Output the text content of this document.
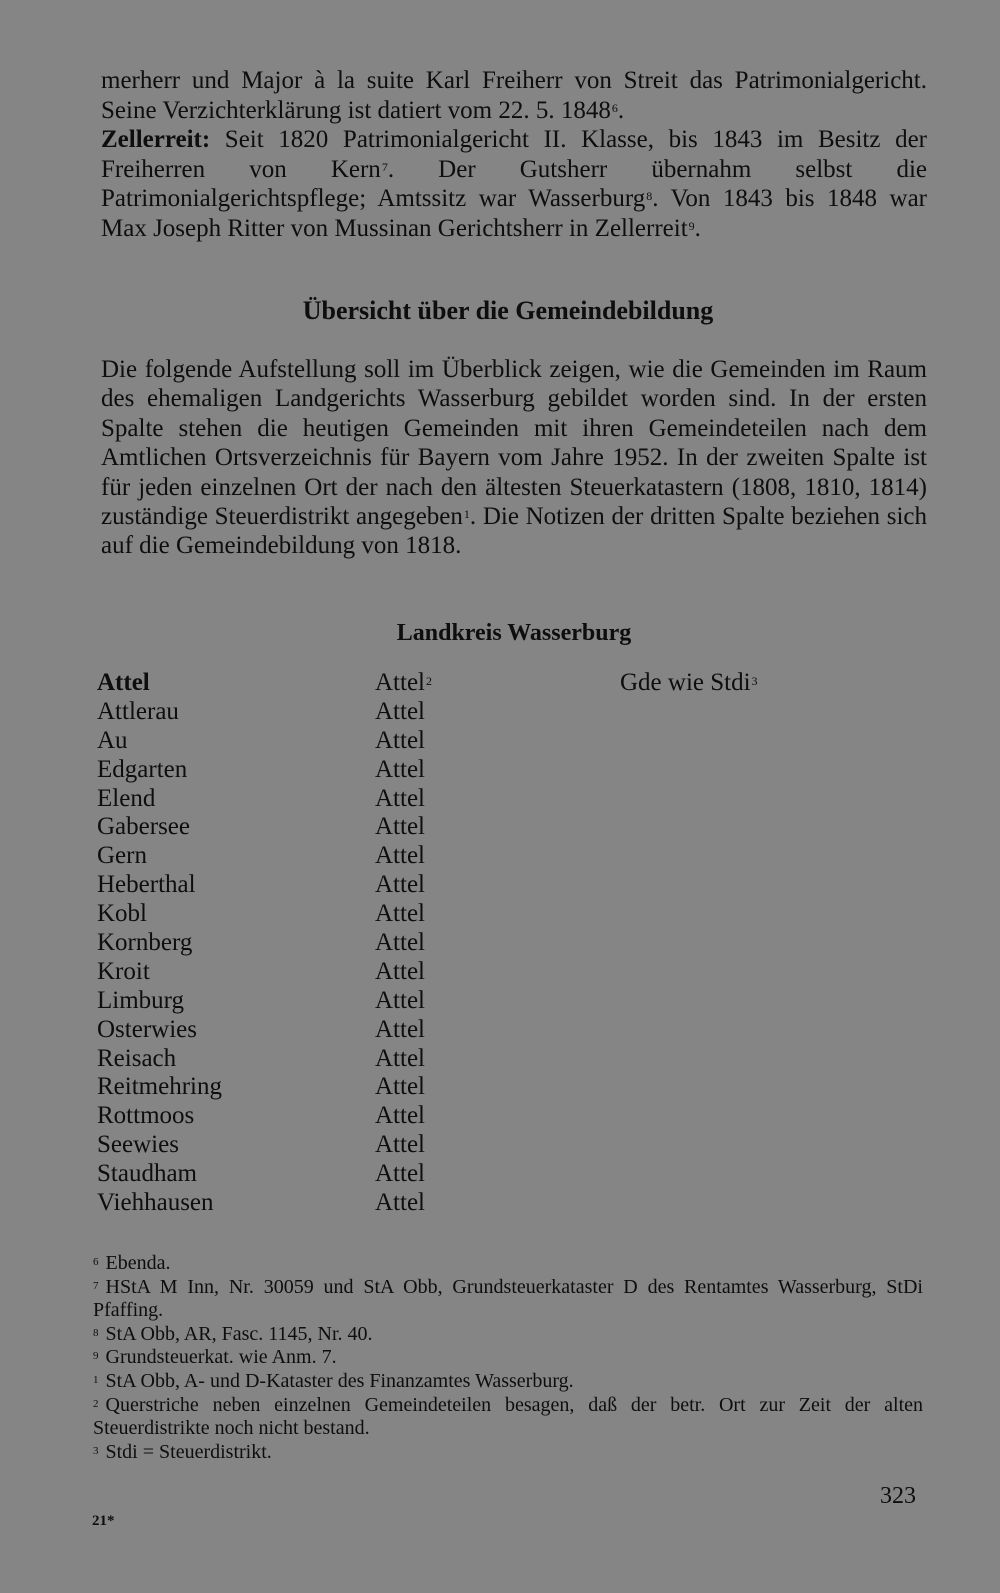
merherr und Major à la suite Karl Freiherr von Streit das Patrimonialgericht. Seine Verzichterklärung ist datiert vom 22. 5. 1848$^6$.

Zellerreit: Seit 1820 Patrimonialgericht II. Klasse, bis 1843 im Besitz der Freiherren von Kern$^7$. Der Gutsherr übernahm selbst die Patrimonialgerichtspflege; Amtssitz war Wasserburg$^8$. Von 1843 bis 1848 war Max Joseph Ritter von Mussinan Gerichtsherr in Zellerreit$^9$.

Übersicht über die Gemeindebildung

Die folgende Aufstellung soll im Überblick zeigen, wie die Gemeinden im Raum des ehemaligen Landgerichts Wasserburg gebildet worden sind. In der ersten Spalte stehen die heutigen Gemeinden mit ihren Gemeindeteilen nach dem Amtlichen Ortsverzeichnis für Bayern vom Jahre 1952. In der zweiten Spalte ist für jeden einzelnen Ort der nach den ältesten Steuerkatastern (1808, 1810, 1814) zuständige Steuerdistrikt angegeben$^1$. Die Notizen der dritten Spalte beziehen sich auf die Gemeindebildung von 1818.

Landkreis Wasserburg
Attel	Attel$^2$	Gde wie Stdi$^3$
Attlerau	Attel
Au	Attel
Edgarten	Attel
Elend	Attel
Gabersee	Attel
Gern	Attel
Heberthal	Attel
Kobl	Attel
Kornberg	Attel
Kroit	Attel
Limburg	Attel
Osterwies	Attel
Reisach	Attel
Reitmehring	Attel
Rottmoos	Attel
Seewies	Attel
Staudham	Attel
Viehhausen	Attel

$^6$ Ebenda.

$^7$ HStA M Inn, Nr. 30059 und StA Obb, Grundsteuerkataster D des Rentamtes Wasserburg, StDi Pfaffing.

$^8$ StA Obb, AR, Fasc. 1145, Nr. 40.

$^9$ Grundsteuerkat. wie Anm. 7.

$^1$ StA Obb, A- und D-Kataster des Finanzamtes Wasserburg.

$^2$ Querstriche neben einzelnen Gemeindeteilen besagen, daß der betr. Ort zur Zeit der alten Steuerdistrikte noch nicht bestand.

$^3$ Stdi = Steuerdistrikt.

323
21*
